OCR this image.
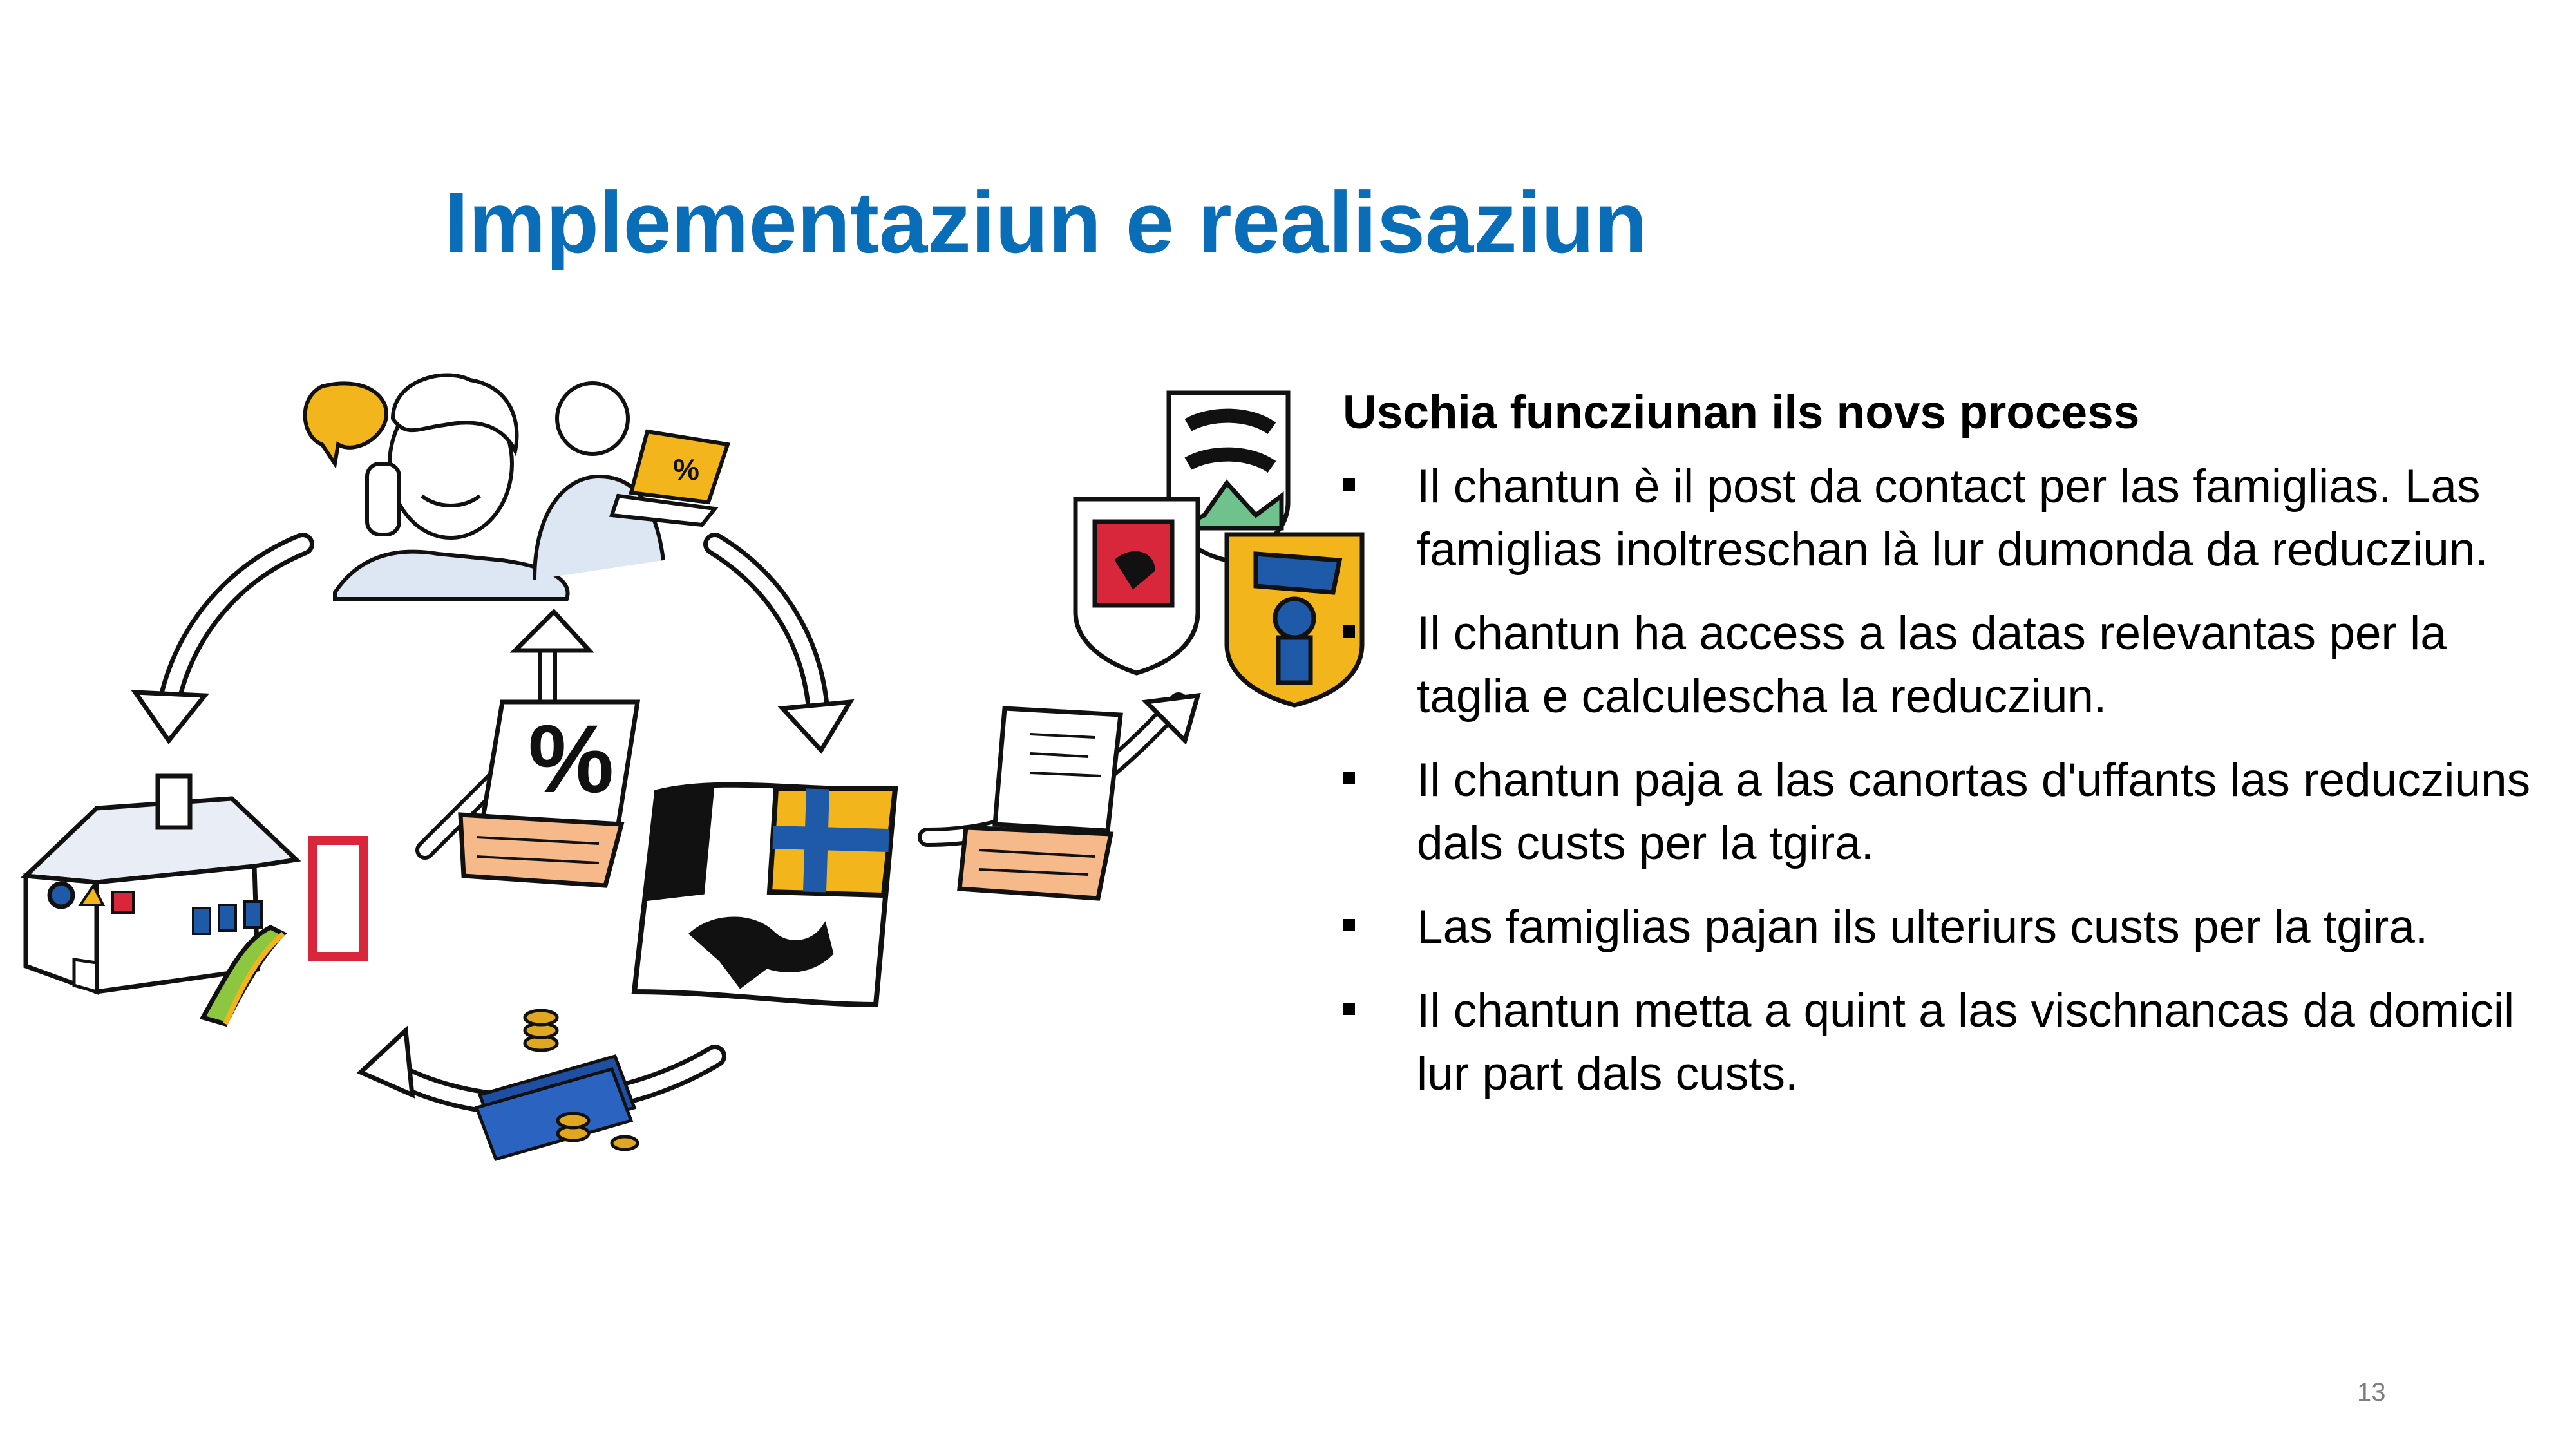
Implementaziun e realisaziun
%
%

Uschia funcziunan ils novs process

Il chantun è il post da contact per las famiglias. Las famiglias inoltreschan là lur dumonda da reducziun.
Il chantun ha access a las datas relevantas per la taglia e calculescha la reducziun.
Il chantun paja a las canortas d'uffants las reducziuns dals custs per la tgira.
Las famiglias pajan ils ulteriurs custs per la tgira.
Il chantun metta a quint a las vischnancas da domicil lur part dals custs.
13
